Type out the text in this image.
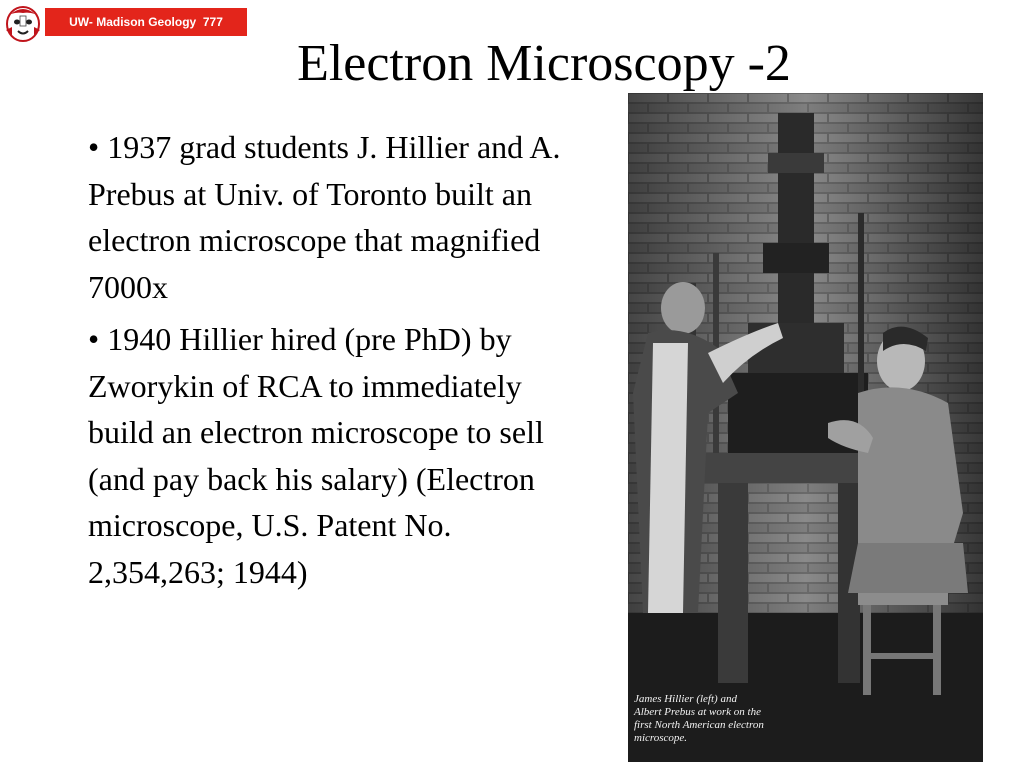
UW- Madison Geology  777
Electron Microscopy -2
• 1937 grad students J. Hillier and A. Prebus at Univ. of Toronto built an electron microscope that magnified 7000x
• 1940 Hillier hired (pre PhD) by Zworykin of RCA to immediately build an electron microscope to sell (and pay back his salary) (Electron microscope, U.S. Patent No. 2,354,263; 1944)
James Hillier (left) and
Albert Prebus at work on the
first North American electron
microscope.
